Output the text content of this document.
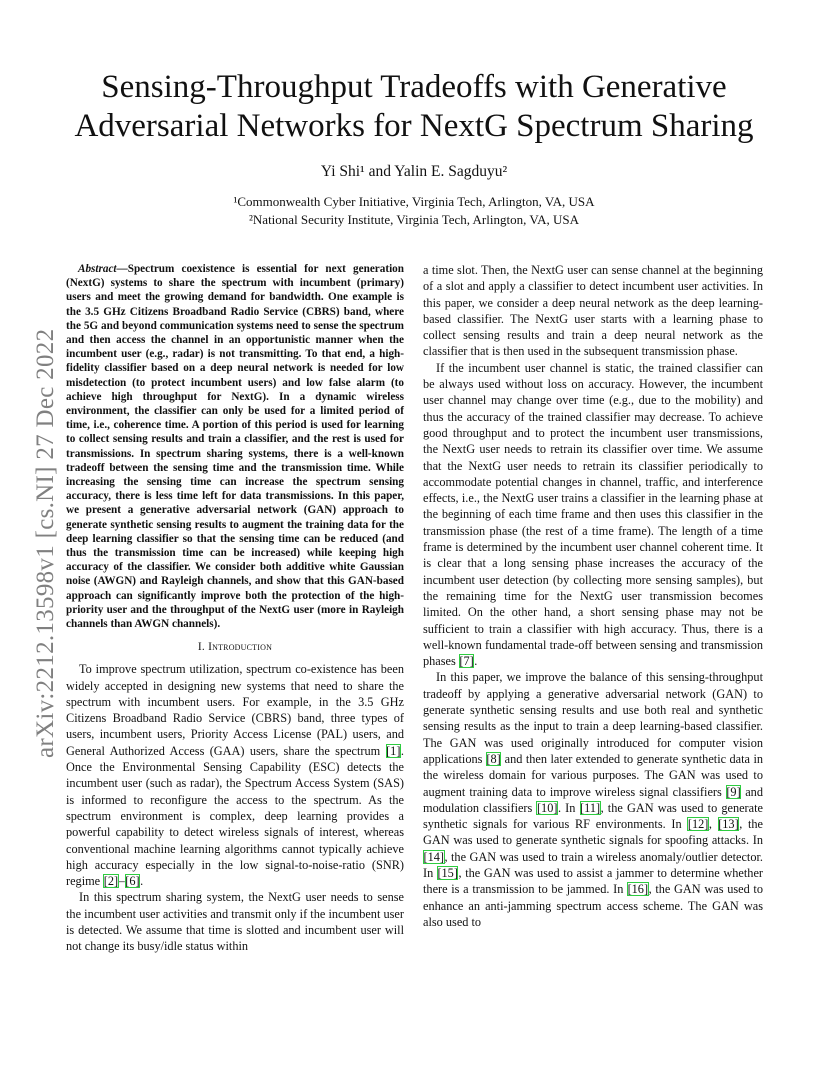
Sensing-Throughput Tradeoffs with Generative
Adversarial Networks for NextG Spectrum Sharing
Yi Shi¹ and Yalin E. Sagduyu²
¹Commonwealth Cyber Initiative, Virginia Tech, Arlington, VA, USA
²National Security Institute, Virginia Tech, Arlington, VA, USA
arXiv:2212.13598v1 [cs.NI] 27 Dec 2022

Abstract—Spectrum coexistence is essential for next generation (NextG) systems to share the spectrum with incumbent (primary) users and meet the growing demand for bandwidth. One example is the 3.5 GHz Citizens Broadband Radio Service (CBRS) band, where the 5G and beyond communication systems need to sense the spectrum and then access the channel in an opportunistic manner when the incumbent user (e.g., radar) is not transmitting. To that end, a high-fidelity classifier based on a deep neural network is needed for low misdetection (to protect incumbent users) and low false alarm (to achieve high throughput for NextG). In a dynamic wireless environment, the classifier can only be used for a limited period of time, i.e., coherence time. A portion of this period is used for learning to collect sensing results and train a classifier, and the rest is used for transmissions. In spectrum sharing systems, there is a well-known tradeoff between the sensing time and the transmission time. While increasing the sensing time can increase the spectrum sensing accuracy, there is less time left for data transmissions. In this paper, we present a generative adversarial network (GAN) approach to generate synthetic sensing results to augment the training data for the deep learning classifier so that the sensing time can be reduced (and thus the transmission time can be increased) while keeping high accuracy of the classifier. We consider both additive white Gaussian noise (AWGN) and Rayleigh channels, and show that this GAN-based approach can significantly improve both the protection of the high-priority user and the throughput of the NextG user (more in Rayleigh channels than AWGN channels).

I. Introduction

To improve spectrum utilization, spectrum co-existence has been widely accepted in designing new systems that need to share the spectrum with incumbent users. For example, in the 3.5 GHz Citizens Broadband Radio Service (CBRS) band, three types of users, incumbent users, Priority Access License (PAL) users, and General Authorized Access (GAA) users, share the spectrum [1]. Once the Environmental Sensing Capability (ESC) detects the incumbent user (such as radar), the Spectrum Access System (SAS) is informed to reconfigure the access to the spectrum. As the spectrum environment is complex, deep learning provides a powerful capability to detect wireless signals of interest, whereas conventional machine learning algorithms cannot typically achieve high accuracy especially in the low signal-to-noise-ratio (SNR) regime [2]–[6].

In this spectrum sharing system, the NextG user needs to sense the incumbent user activities and transmit only if the incumbent user is detected. We assume that time is slotted and incumbent user will not change its busy/idle status within

a time slot. Then, the NextG user can sense channel at the beginning of a slot and apply a classifier to detect incumbent user activities. In this paper, we consider a deep neural network as the deep learning-based classifier. The NextG user starts with a learning phase to collect sensing results and train a deep neural network as the classifier that is then used in the subsequent transmission phase.

If the incumbent user channel is static, the trained classifier can be always used without loss on accuracy. However, the incumbent user channel may change over time (e.g., due to the mobility) and thus the accuracy of the trained classifier may decrease. To achieve good throughput and to protect the incumbent user transmissions, the NextG user needs to retrain its classifier over time. We assume that the NextG user needs to retrain its classifier periodically to accommodate potential changes in channel, traffic, and interference effects, i.e., the NextG user trains a classifier in the learning phase at the beginning of each time frame and then uses this classifier in the transmission phase (the rest of a time frame). The length of a time frame is determined by the incumbent user channel coherent time. It is clear that a long sensing phase increases the accuracy of the incumbent user detection (by collecting more sensing samples), but the remaining time for the NextG user transmission becomes limited. On the other hand, a short sensing phase may not be sufficient to train a classifier with high accuracy. Thus, there is a well-known fundamental trade-off between sensing and transmission phases [7].

In this paper, we improve the balance of this sensing-throughput tradeoff by applying a generative adversarial network (GAN) to generate synthetic sensing results and use both real and synthetic sensing results as the input to train a deep learning-based classifier. The GAN was used originally introduced for computer vision applications [8] and then later extended to generate synthetic data in the wireless domain for various purposes. The GAN was used to augment training data to improve wireless signal classifiers [9] and modulation classifiers [10]. In [11], the GAN was used to generate synthetic signals for various RF environments. In [12], [13], the GAN was used to generate synthetic signals for spoofing attacks. In [14], the GAN was used to train a wireless anomaly/outlier detector. In [15], the GAN was used to assist a jammer to determine whether there is a transmission to be jammed. In [16], the GAN was used to enhance an anti-jamming spectrum access scheme. The GAN was also used to
